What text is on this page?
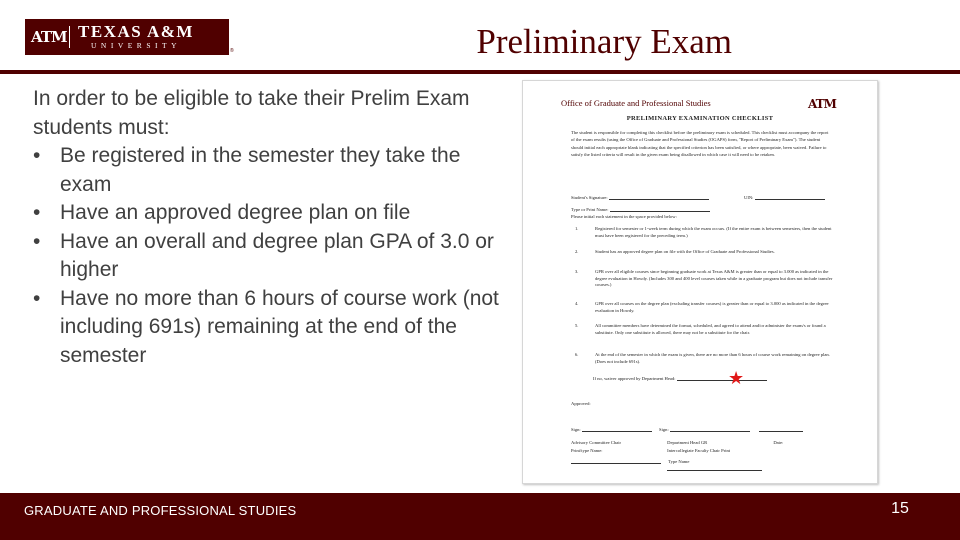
ATM TEXAS A&M
UNIVERSITY
®	Preliminary Exam

In order to be eligible to take their Prelim Exam students must:

• Be registered in the semester they take the exam
• Have an approved degree plan on file
• Have an overall and degree plan GPA of 3.0 or higher
• Have no more than 6 hours of course work (not including 691s) remaining at the end of the semester
Office of Graduate and Professional Studies	ATM
PRELIMINARY EXAMINATION CHECKLIST
The student is responsible for completing this checklist before the preliminary exam is scheduled. This checklist must accompany the report of the exam results (using the Office of Graduate and Professional Studies (OGAPS) form, "Report of Preliminary Exam"). The student should initial each appropriate blank indicating that the specified criterion has been satisfied, or where appropriate, been waived. Failure to satisfy the listed criteria will result in the given exam being disallowed in which case it will need to be retaken.
Student's Signature:	UIN:
Type or Print Name:
Please initial each statement in the space provided below:
1.	Registered for semester or 1-week term during which the exam occurs. (If the entire exam is between semesters, then the student must have been registered for the preceding term.)
2.	Student has an approved degree plan on file with the Office of Graduate and Professional Studies.
3.	GPR over all eligible courses since beginning graduate work at Texas A&M is greater than or equal to 3.000 as indicated in the degree evaluation in Howdy. (Includes 300 and 400 level courses taken while in a graduate program but does not include transfer courses.)
4.	GPR over all courses on the degree plan (excluding transfer courses) is greater than or equal to 3.000 as indicated in the degree evaluation in Howdy.
5.	All committee members have determined the format, scheduled, and agreed to attend and/or administer the exam/s or found a substitute. Only one substitute is allowed, there may not be a substitute for the chair.
6.	At the end of the semester in which the exam is given, there are no more than 6 hours of course work remaining on degree plan. (Does not include 691s).
If no, waiver approved by Department Head:	★
Approved:
Sign:	Sign:
Advisory Committee Chair	Department Head GR	Date:
Print/type Name:	Intercollegiate Faculty Chair Print
Type Name
GRADUATE AND PROFESSIONAL STUDIES	15
